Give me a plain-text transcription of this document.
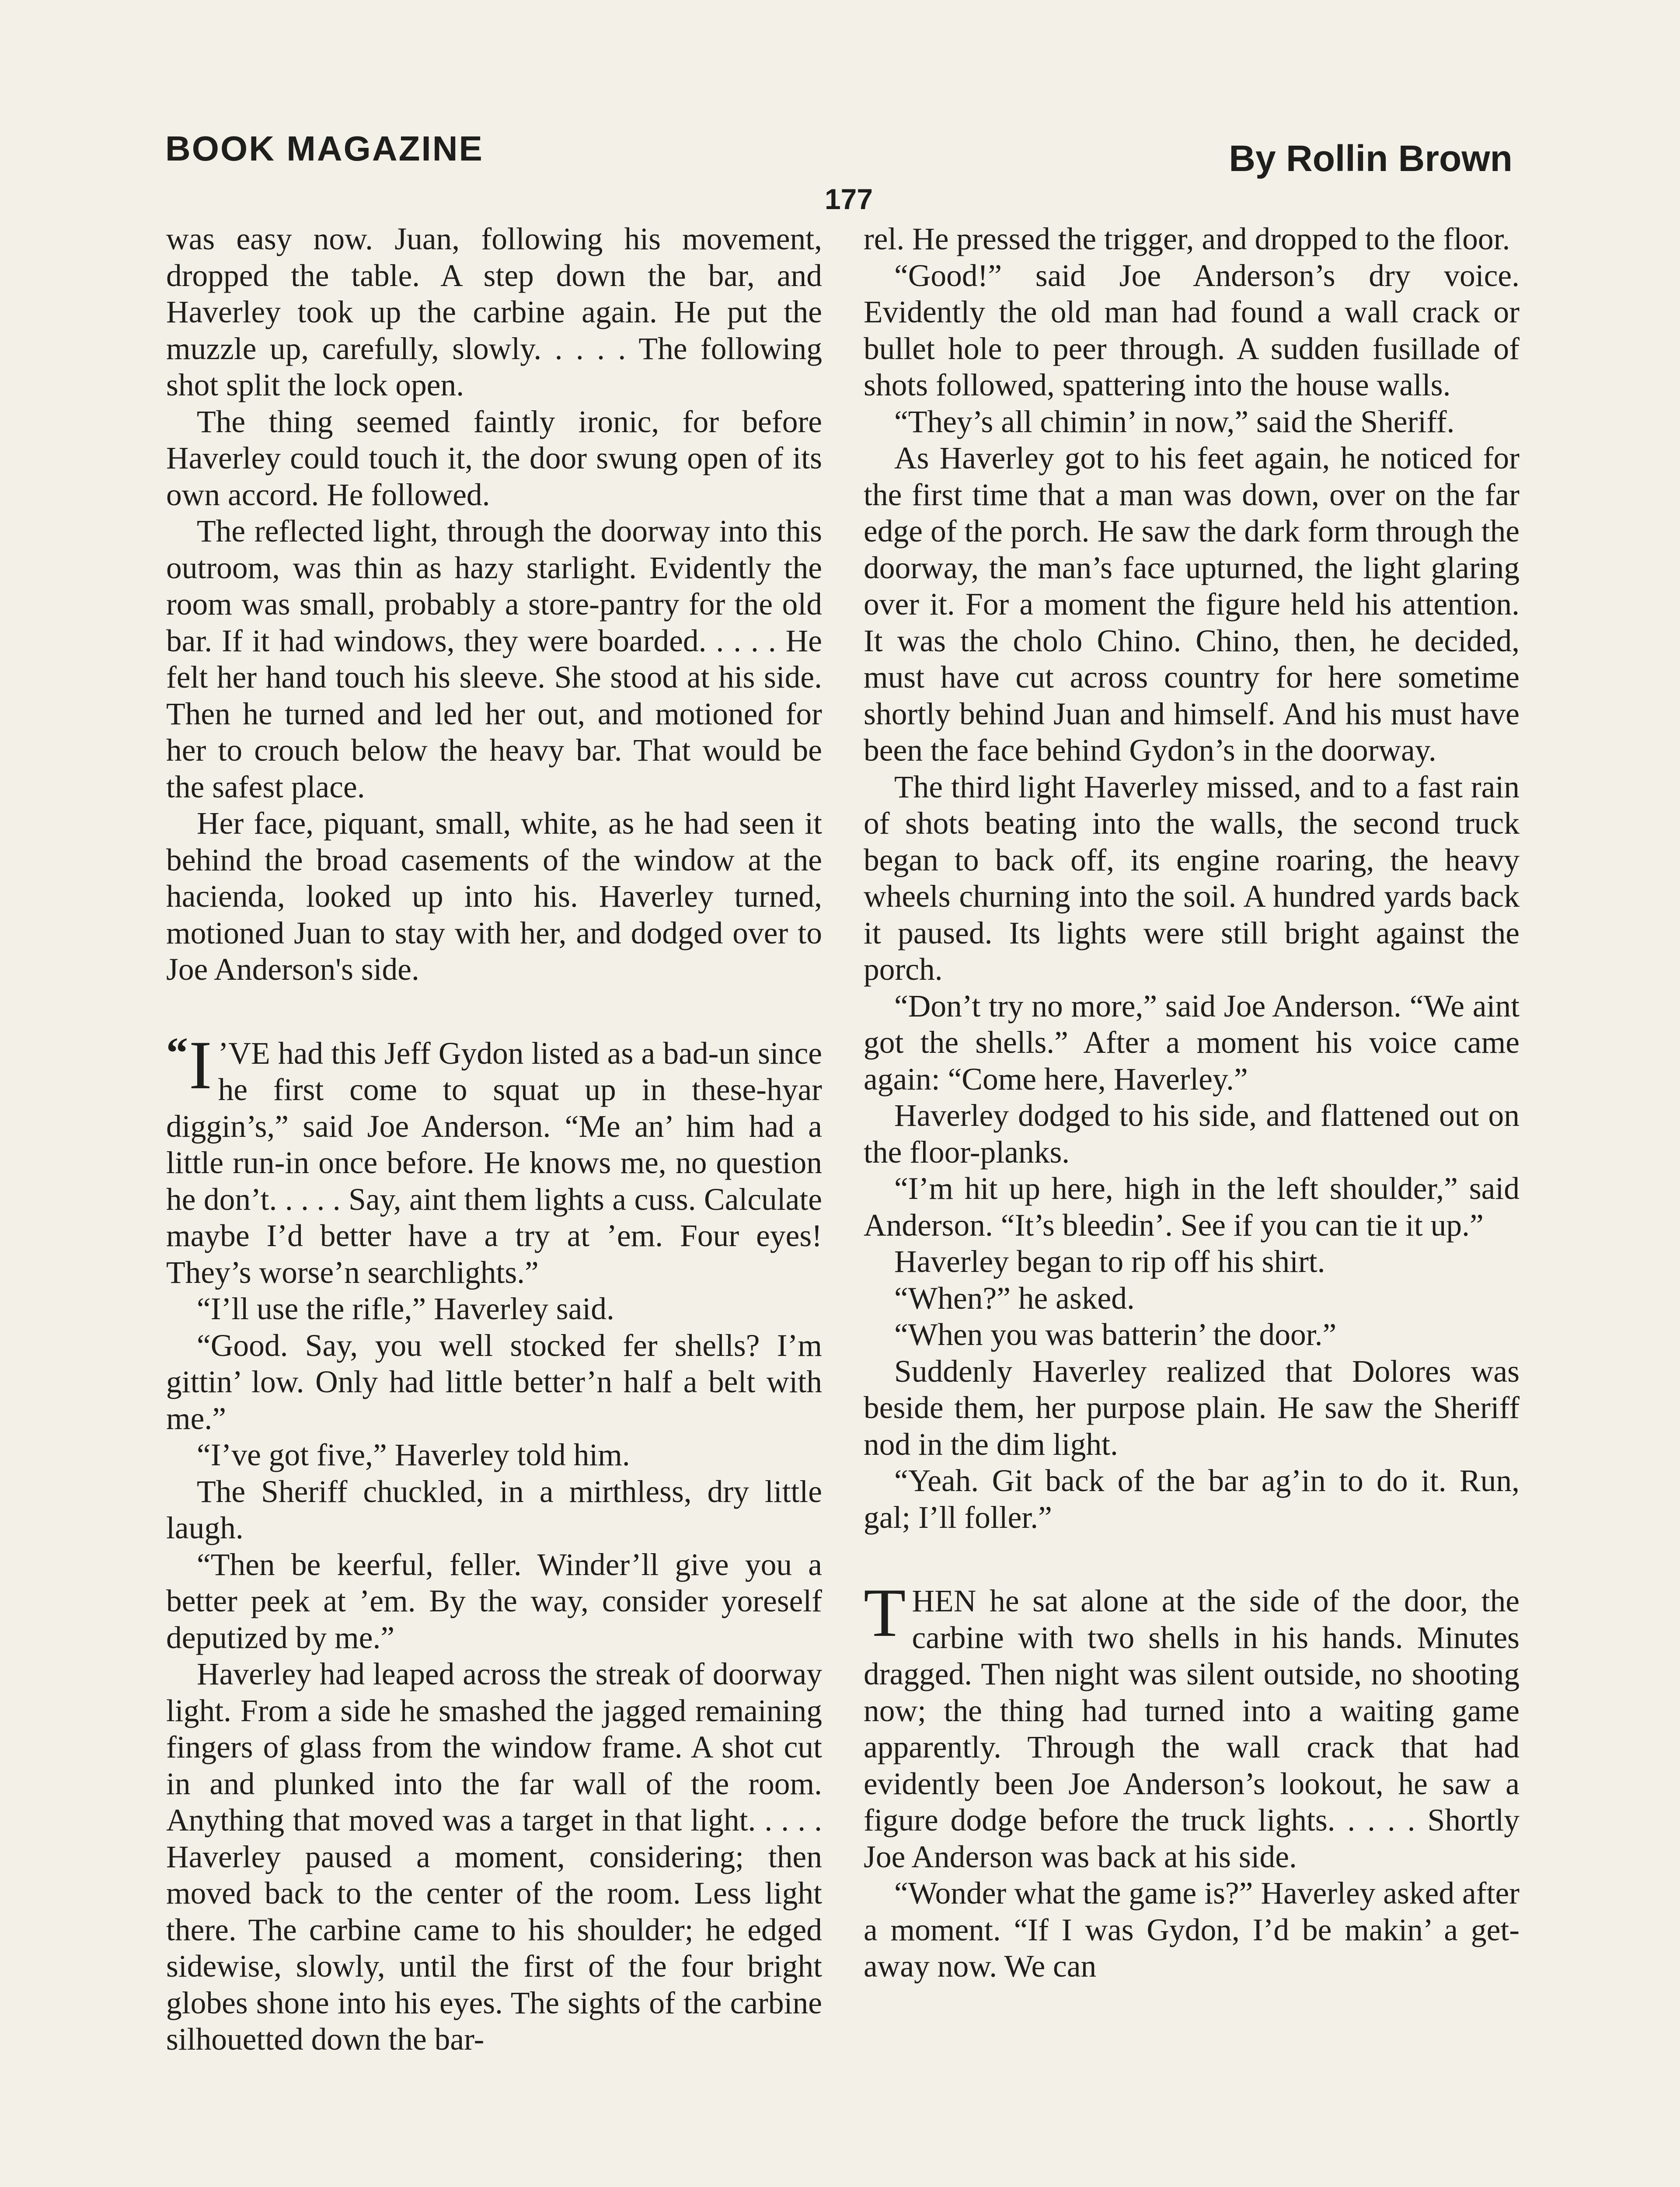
BOOK MAGAZINE	By Rollin Brown
177

was easy now. Juan, following his movement, dropped the table. A step down the bar, and Haverley took up the carbine again. He put the muzzle up, carefully, slowly. . . . . The following shot split the lock open.

The thing seemed faintly ironic, for before Haverley could touch it, the door swung open of its own accord. He followed.

The reflected light, through the doorway into this outroom, was thin as hazy starlight. Evidently the room was small, probably a store-pantry for the old bar. If it had windows, they were boarded. . . . . He felt her hand touch his sleeve. She stood at his side. Then he turned and led her out, and motioned for her to crouch below the heavy bar. That would be the safest place.

Her face, piquant, small, white, as he had seen it behind the broad casements of the window at the hacienda, looked up into his. Haverley turned, motioned Juan to stay with her, and dodged over to Joe Anderson's side.

“ I ’VE had this Jeff Gydon listed as a bad-un since he first come to squat up in these-hyar diggin’s,” said Joe Anderson. “Me an’ him had a little run-in once before. He knows me, no question he don’t. . . . . Say, aint them lights a cuss. Calculate maybe I’d better have a try at ’em. Four eyes! They’s worse’n searchlights.”

“I’ll use the rifle,” Haverley said.

“Good. Say, you well stocked fer shells? I’m gittin’ low. Only had little better’n half a belt with me.”

“I’ve got five,” Haverley told him.

The Sheriff chuckled, in a mirthless, dry little laugh.

“Then be keerful, feller. Winder’ll give you a better peek at ’em. By the way, consider yoreself deputized by me.”

Haverley had leaped across the streak of doorway light. From a side he smashed the jagged remaining fingers of glass from the window frame. A shot cut in and plunked into the far wall of the room. Anything that moved was a target in that light. . . . . Haverley paused a moment, considering; then moved back to the center of the room. Less light there. The carbine came to his shoulder; he edged sidewise, slowly, until the first of the four bright globes shone into his eyes. The sights of the carbine silhouetted down the bar-

rel. He pressed the trigger, and dropped to the floor.

“Good!” said Joe Anderson’s dry voice. Evidently the old man had found a wall crack or bullet hole to peer through. A sudden fusillade of shots followed, spattering into the house walls.

“They’s all chimin’ in now,” said the Sheriff.

As Haverley got to his feet again, he noticed for the first time that a man was down, over on the far edge of the porch. He saw the dark form through the doorway, the man’s face upturned, the light glaring over it. For a moment the figure held his attention. It was the cholo Chino. Chino, then, he decided, must have cut across country for here sometime shortly behind Juan and himself. And his must have been the face behind Gydon’s in the doorway.

The third light Haverley missed, and to a fast rain of shots beating into the walls, the second truck began to back off, its engine roaring, the heavy wheels churning into the soil. A hundred yards back it paused. Its lights were still bright against the porch.

“Don’t try no more,” said Joe Anderson. “We aint got the shells.” After a moment his voice came again: “Come here, Haverley.”

Haverley dodged to his side, and flattened out on the floor-planks.

“I’m hit up here, high in the left shoulder,” said Anderson. “It’s bleedin’. See if you can tie it up.”

Haverley began to rip off his shirt.

“When?” he asked.

“When you was batterin’ the door.”

Suddenly Haverley realized that Dolores was beside them, her purpose plain. He saw the Sheriff nod in the dim light.

“Yeah. Git back of the bar ag’in to do it. Run, gal; I’ll foller.”

THEN he sat alone at the side of the door, the carbine with two shells in his hands. Minutes dragged. Then night was silent outside, no shooting now; the thing had turned into a waiting game apparently. Through the wall crack that had evidently been Joe Anderson’s lookout, he saw a figure dodge before the truck lights. . . . . Shortly Joe Anderson was back at his side.

“Wonder what the game is?” Haverley asked after a moment. “If I was Gydon, I’d be makin’ a get-away now. We can
